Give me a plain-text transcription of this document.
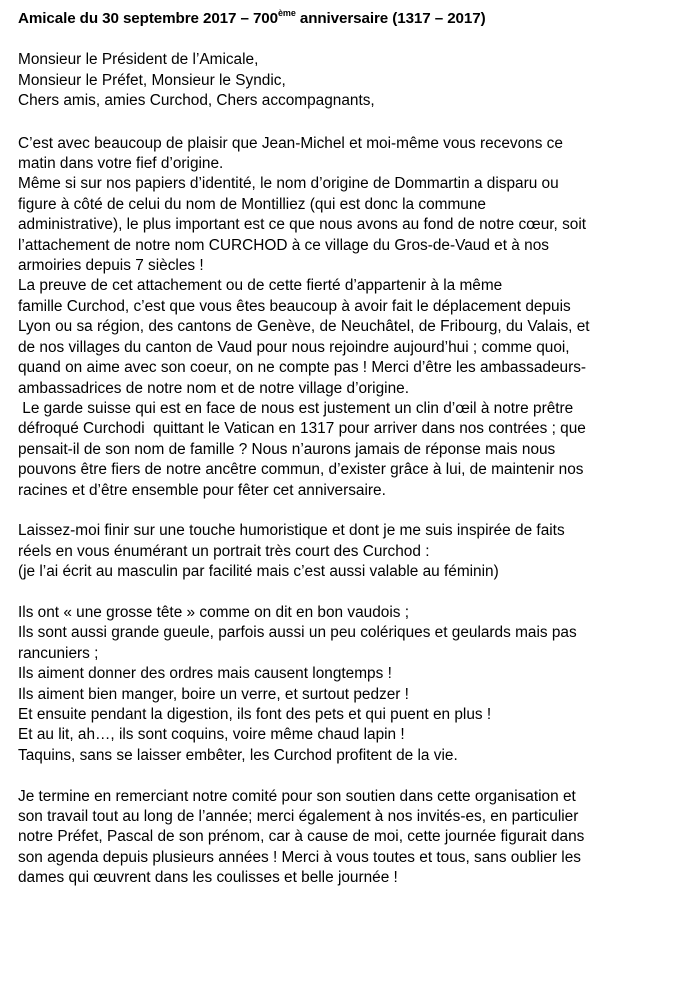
Amicale du 30 septembre 2017 – 700ème anniversaire (1317 – 2017)
Monsieur le Président de l’Amicale,
Monsieur le Préfet, Monsieur le Syndic,
Chers amis, amies Curchod, Chers accompagnants,
C’est avec beaucoup de plaisir que Jean-Michel et moi-même vous recevons ce
matin dans votre fief d’origine.
Même si sur nos papiers d’identité, le nom d’origine de Dommartin a disparu ou
figure à côté de celui du nom de Montilliez (qui est donc la commune
administrative), le plus important est ce que nous avons au fond de notre cœur, soit
l’attachement de notre nom CURCHOD à ce village du Gros-de-Vaud et à nos
armoiries depuis 7 siècles !
La preuve de cet attachement ou de cette fierté d’appartenir à la même
famille Curchod, c’est que vous êtes beaucoup à avoir fait le déplacement depuis
Lyon ou sa région, des cantons de Genève, de Neuchâtel, de Fribourg, du Valais, et
de nos villages du canton de Vaud pour nous rejoindre aujourd’hui ; comme quoi,
quand on aime avec son coeur, on ne compte pas ! Merci d’être les ambassadeurs-
ambassadrices de notre nom et de notre village d’origine.
Le garde suisse qui est en face de nous est justement un clin d’œil à notre prêtre
défroqué Curchodi  quittant le Vatican en 1317 pour arriver dans nos contrées ; que
pensait-il de son nom de famille ? Nous n’aurons jamais de réponse mais nous
pouvons être fiers de notre ancêtre commun, d’exister grâce à lui, de maintenir nos
racines et d’être ensemble pour fêter cet anniversaire.
Laissez-moi finir sur une touche humoristique et dont je me suis inspirée de faits
réels en vous énumérant un portrait très court des Curchod :
(je l’ai écrit au masculin par facilité mais c’est aussi valable au féminin)
Ils ont « une grosse tête » comme on dit en bon vaudois ;
Ils sont aussi grande gueule, parfois aussi un peu colériques et geulards mais pas
rancuniers ;
Ils aiment donner des ordres mais causent longtemps !
Ils aiment bien manger, boire un verre, et surtout pedzer !
Et ensuite pendant la digestion, ils font des pets et qui puent en plus !
Et au lit, ah…, ils sont coquins, voire même chaud lapin !
Taquins, sans se laisser embêter, les Curchod profitent de la vie.
Je termine en remerciant notre comité pour son soutien dans cette organisation et
son travail tout au long de l’année; merci également à nos invités-es, en particulier
notre Préfet, Pascal de son prénom, car à cause de moi, cette journée figurait dans
son agenda depuis plusieurs années ! Merci à vous toutes et tous, sans oublier les
dames qui œuvrent dans les coulisses et belle journée !
